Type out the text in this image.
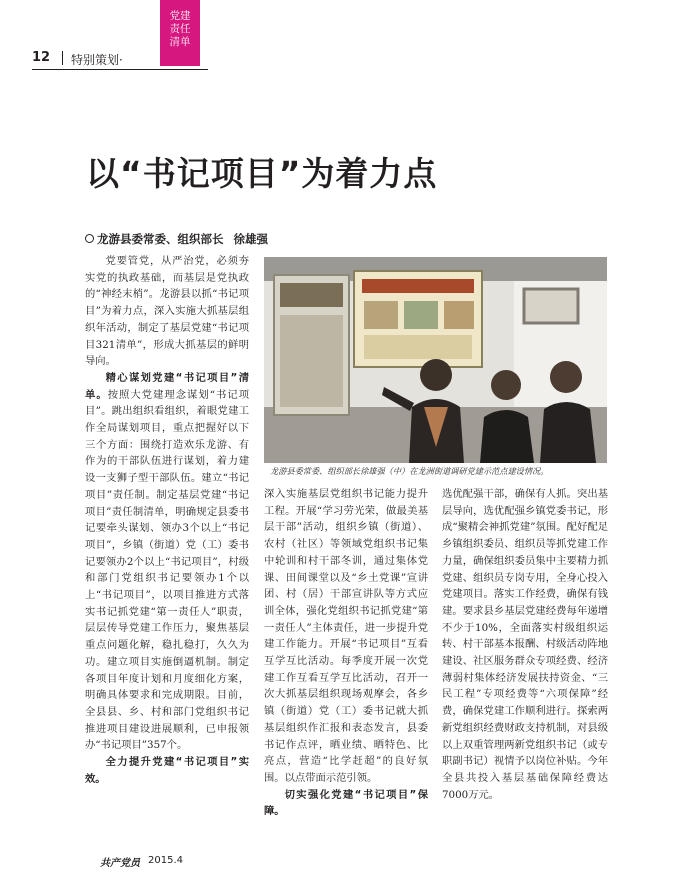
党建
责任
清单
12 特别策划·
以“书记项目”为着力点
龙游县委常委、组织部长 徐雄强

党要管党，从严治党，必须夯实党的执政基础，而基层是党执政的“神经末梢”。龙游县以抓“书记项目”为着力点，深入实施大抓基层组织年活动，制定了基层党建“书记项目321清单”，形成大抓基层的鲜明导向。

精心谋划党建“书记项目”清单。按照大党建理念谋划“书记项目”。跳出组织看组织，着眼党建工作全局谋划项目，重点把握好以下三个方面：围绕打造欢乐龙游、有作为的干部队伍进行谋划，着力建设一支狮子型干部队伍。建立“书记项目”责任制。制定基层党建“书记项目”责任制清单，明确规定县委书记要牵头谋划、领办3个以上“书记项目”，乡镇（街道）党（工）委书记要领办2个以上“书记项目”，村级和部门党组织书记要领办1个以上“书记项目”，以项目推进方式落实书记抓党建“第一责任人”职责，层层传导党建工作压力，聚焦基层重点问题化解，稳扎稳打，久久为功。建立项目实施倒逼机制。制定各项目年度计划和月度细化方案，明确具体要求和完成期限。目前，全县县、乡、村和部门党组织书记推进项目建设进展顺利，已申报领办“书记项目”357个。

全力提升党建“书记项目”实效。

龙游县委常委、组织部长徐雄强（中）在龙洲街道调研党建示范点建设情况。

深入实施基层党组织书记能力提升工程。开展“学习劳光荣，做最美基层干部”活动，组织乡镇（街道）、农村（社区）等领域党组织书记集中轮训和村干部冬训，通过集体党课、田间课堂以及“乡土党课”宣讲团、村（居）干部宣讲队等方式应训全体，强化党组织书记抓党建“第一责任人”主体责任，进一步提升党建工作能力。开展“书记项目”互看互学互比活动。每季度开展一次党建工作互看互学互比活动，召开一次大抓基层组织现场观摩会，各乡镇（街道）党（工）委书记就大抓基层组织作汇报和表态发言，县委书记作点评，晒业绩、晒特色、比亮点，营造“比学赶超”的良好氛围。以点带面示范引领。

切实强化党建“书记项目”保障。

选优配强干部，确保有人抓。突出基层导向，选优配强乡镇党委书记，形成“聚精会神抓党建”氛围。配好配足乡镇组织委员、组织员等抓党建工作力量，确保组织委员集中主要精力抓党建、组织员专岗专用，全身心投入党建项目。落实工作经费，确保有钱建。要求县乡基层党建经费每年递增不少于10%，全面落实村级组织运转、村干部基本报酬、村级活动阵地建设、社区服务群众专项经费、经济薄弱村集体经济发展扶持资金、“三民工程”专项经费等“六项保障”经费，确保党建工作顺利进行。探索两新党组织经费财政支持机制，对县级以上双重管理两新党组织书记（或专职副书记）视情予以岗位补贴。今年全县共投入基层基础保障经费达7000万元。

共产党员 2015.4
